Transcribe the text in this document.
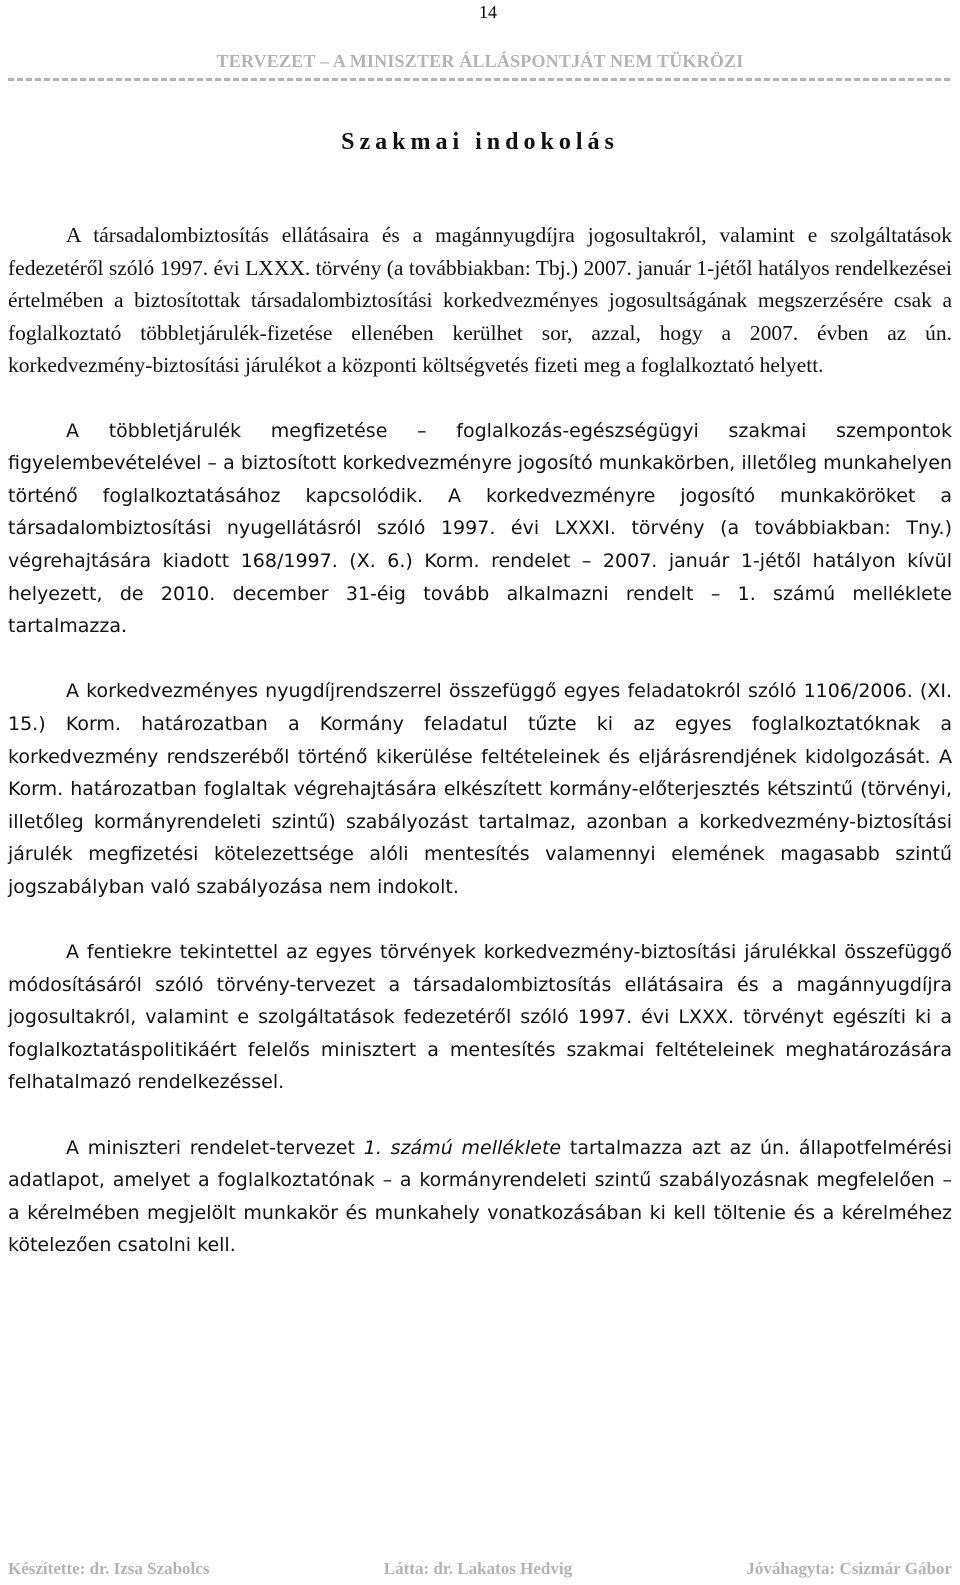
14
TERVEZET – A MINISZTER ÁLLÁSPONTJÁT NEM TÜKRÖZI
Szakmai indokolás

A társadalombiztosítás ellátásaira és a magánnyugdíjra jogosultakról, valamint e szolgáltatások fedezetéről szóló 1997. évi LXXX. törvény (a továbbiakban: Tbj.) 2007. január 1-jétől hatályos rendelkezései értelmében a biztosítottak társadalombiztosítási korkedvezményes jogosultságának megszerzésére csak a foglalkoztató többletjárulék-fizetése ellenében kerülhet sor, azzal, hogy a 2007. évben az ún. korkedvezmény-biztosítási járulékot a központi költségvetés fizeti meg a foglalkoztató helyett.

A többletjárulék megfizetése – foglalkozás-egészségügyi szakmai szempontok figyelembevételével – a biztosított korkedvezményre jogosító munkakörben, illetőleg munkahelyen történő foglalkoztatásához kapcsolódik. A korkedvezményre jogosító munkaköröket a társadalombiztosítási nyugellátásról szóló 1997. évi LXXXI. törvény (a továbbiakban: Tny.) végrehajtására kiadott 168/1997. (X. 6.) Korm. rendelet – 2007. január 1-jétől hatályon kívül helyezett, de 2010. december 31-éig tovább alkalmazni rendelt – 1. számú melléklete tartalmazza.

A korkedvezményes nyugdíjrendszerrel összefüggő egyes feladatokról szóló 1106/2006. (XI. 15.) Korm. határozatban a Kormány feladatul tűzte ki az egyes foglalkoztatóknak a korkedvezmény rendszeréből történő kikerülése feltételeinek és eljárásrendjének kidolgozását. A Korm. határozatban foglaltak végrehajtására elkészített kormány-előterjesztés kétszintű (törvényi, illetőleg kormányrendeleti szintű) szabályozást tartalmaz, azonban a korkedvezmény-biztosítási járulék megfizetési kötelezettsége alóli mentesítés valamennyi elemének magasabb szintű jogszabályban való szabályozása nem indokolt.

A fentiekre tekintettel az egyes törvények korkedvezmény-biztosítási járulékkal összefüggő módosításáról szóló törvény-tervezet a társadalombiztosítás ellátásaira és a magánnyugdíjra jogosultakról, valamint e szolgáltatások fedezetéről szóló 1997. évi LXXX. törvényt egészíti ki a foglalkoztatáspolitikáért felelős minisztert a mentesítés szakmai feltételeinek meghatározására felhatalmazó rendelkezéssel.

A miniszteri rendelet-tervezet 1. számú melléklete tartalmazza azt az ún. állapotfelmérési adatlapot, amelyet a foglalkoztatónak – a kormányrendeleti szintű szabályozásnak megfelelően – a kérelmében megjelölt munkakör és munkahely vonatkozásában ki kell töltenie és a kérelméhez kötelezően csatolni kell.

Készítette: dr. Izsa Szabolcs	Látta: dr. Lakatos Hedvig	Jóváhagyta: Csizmár Gábor
